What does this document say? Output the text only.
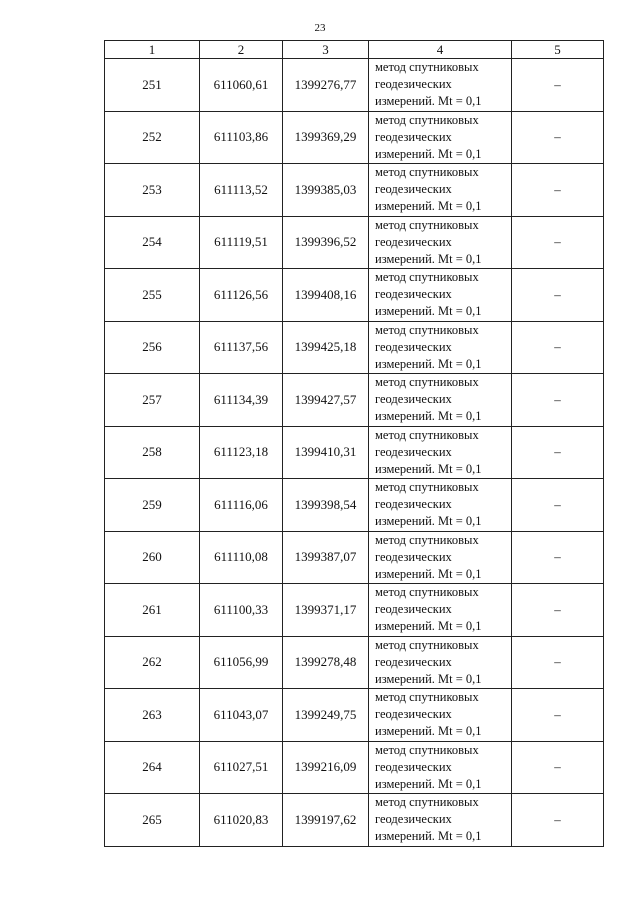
23
1	2	3	4	5
251	611060,61	1399276,77	метод спутниковых геодезических измерений. Mt = 0,1	–
252	611103,86	1399369,29	метод спутниковых геодезических измерений. Mt = 0,1	–
253	611113,52	1399385,03	метод спутниковых геодезических измерений. Mt = 0,1	–
254	611119,51	1399396,52	метод спутниковых геодезических измерений. Mt = 0,1	–
255	611126,56	1399408,16	метод спутниковых геодезических измерений. Mt = 0,1	–
256	611137,56	1399425,18	метод спутниковых геодезических измерений. Mt = 0,1	–
257	611134,39	1399427,57	метод спутниковых геодезических измерений. Mt = 0,1	–
258	611123,18	1399410,31	метод спутниковых геодезических измерений. Mt = 0,1	–
259	611116,06	1399398,54	метод спутниковых геодезических измерений. Mt = 0,1	–
260	611110,08	1399387,07	метод спутниковых геодезических измерений. Mt = 0,1	–
261	611100,33	1399371,17	метод спутниковых геодезических измерений. Mt = 0,1	–
262	611056,99	1399278,48	метод спутниковых геодезических измерений. Mt = 0,1	–
263	611043,07	1399249,75	метод спутниковых геодезических измерений. Mt = 0,1	–
264	611027,51	1399216,09	метод спутниковых геодезических измерений. Mt = 0,1	–
265	611020,83	1399197,62	метод спутниковых геодезических измерений. Mt = 0,1	–
